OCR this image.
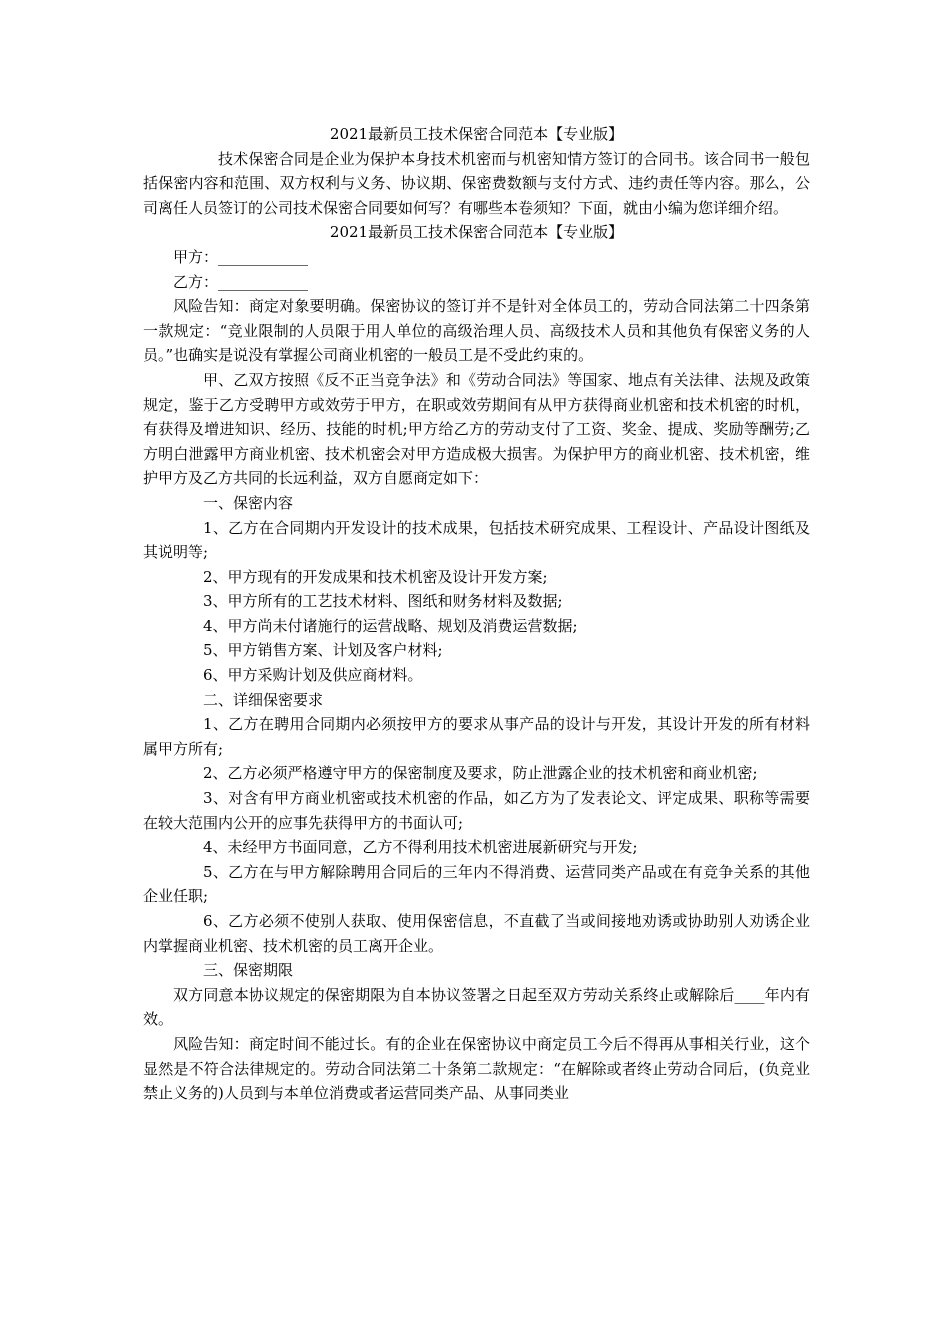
2021最新员工技术保密合同范本【专业版】

技术保密合同是企业为保护本身技术机密而与机密知情方签订的合同书。该合同书一般包括保密内容和范围、双方权利与义务、协议期、保密费数额与支付方式、违约责任等内容。那么，公司离任人员签订的公司技术保密合同要如何写？有哪些本卷须知？下面，就由小编为您详细介绍。

2021最新员工技术保密合同范本【专业版】

甲方：____________

乙方：____________

风险告知：商定对象要明确。保密协议的签订并不是针对全体员工的，劳动合同法第二十四条第一款规定：“竞业限制的人员限于用人单位的高级治理人员、高级技术人员和其他负有保密义务的人员。”也确实是说没有掌握公司商业机密的一般员工是不受此约束的。

甲、乙双方按照《反不正当竞争法》和《劳动合同法》等国家、地点有关法律、法规及政策规定，鉴于乙方受聘甲方或效劳于甲方，在职或效劳期间有从甲方获得商业机密和技术机密的时机，有获得及增进知识、经历、技能的时机;甲方给乙方的劳动支付了工资、奖金、提成、奖励等酬劳;乙方明白泄露甲方商业机密、技术机密会对甲方造成极大损害。为保护甲方的商业机密、技术机密，维护甲方及乙方共同的长远利益，双方自愿商定如下：

一、保密内容

1、乙方在合同期内开发设计的技术成果，包括技术研究成果、工程设计、产品设计图纸及其说明等;

2、甲方现有的开发成果和技术机密及设计开发方案;

3、甲方所有的工艺技术材料、图纸和财务材料及数据;

4、甲方尚未付诸施行的运营战略、规划及消费运营数据;

5、甲方销售方案、计划及客户材料;

6、甲方采购计划及供应商材料。

二、详细保密要求

1、乙方在聘用合同期内必须按甲方的要求从事产品的设计与开发，其设计开发的所有材料属甲方所有;

2、乙方必须严格遵守甲方的保密制度及要求，防止泄露企业的技术机密和商业机密;

3、对含有甲方商业机密或技术机密的作品，如乙方为了发表论文、评定成果、职称等需要在较大范围内公开的应事先获得甲方的书面认可;

4、未经甲方书面同意，乙方不得利用技术机密进展新研究与开发;

5、乙方在与甲方解除聘用合同后的三年内不得消费、运营同类产品或在有竞争关系的其他企业任职;

6、乙方必须不使别人获取、使用保密信息，不直截了当或间接地劝诱或协助别人劝诱企业内掌握商业机密、技术机密的员工离开企业。

三、保密期限

双方同意本协议规定的保密期限为自本协议签署之日起至双方劳动关系终止或解除后____年内有效。

风险告知：商定时间不能过长。有的企业在保密协议中商定员工今后不得再从事相关行业，这个显然是不符合法律规定的。劳动合同法第二十条第二款规定：“在解除或者终止劳动合同后，(负竞业禁止义务的)人员到与本单位消费或者运营同类产品、从事同类业
